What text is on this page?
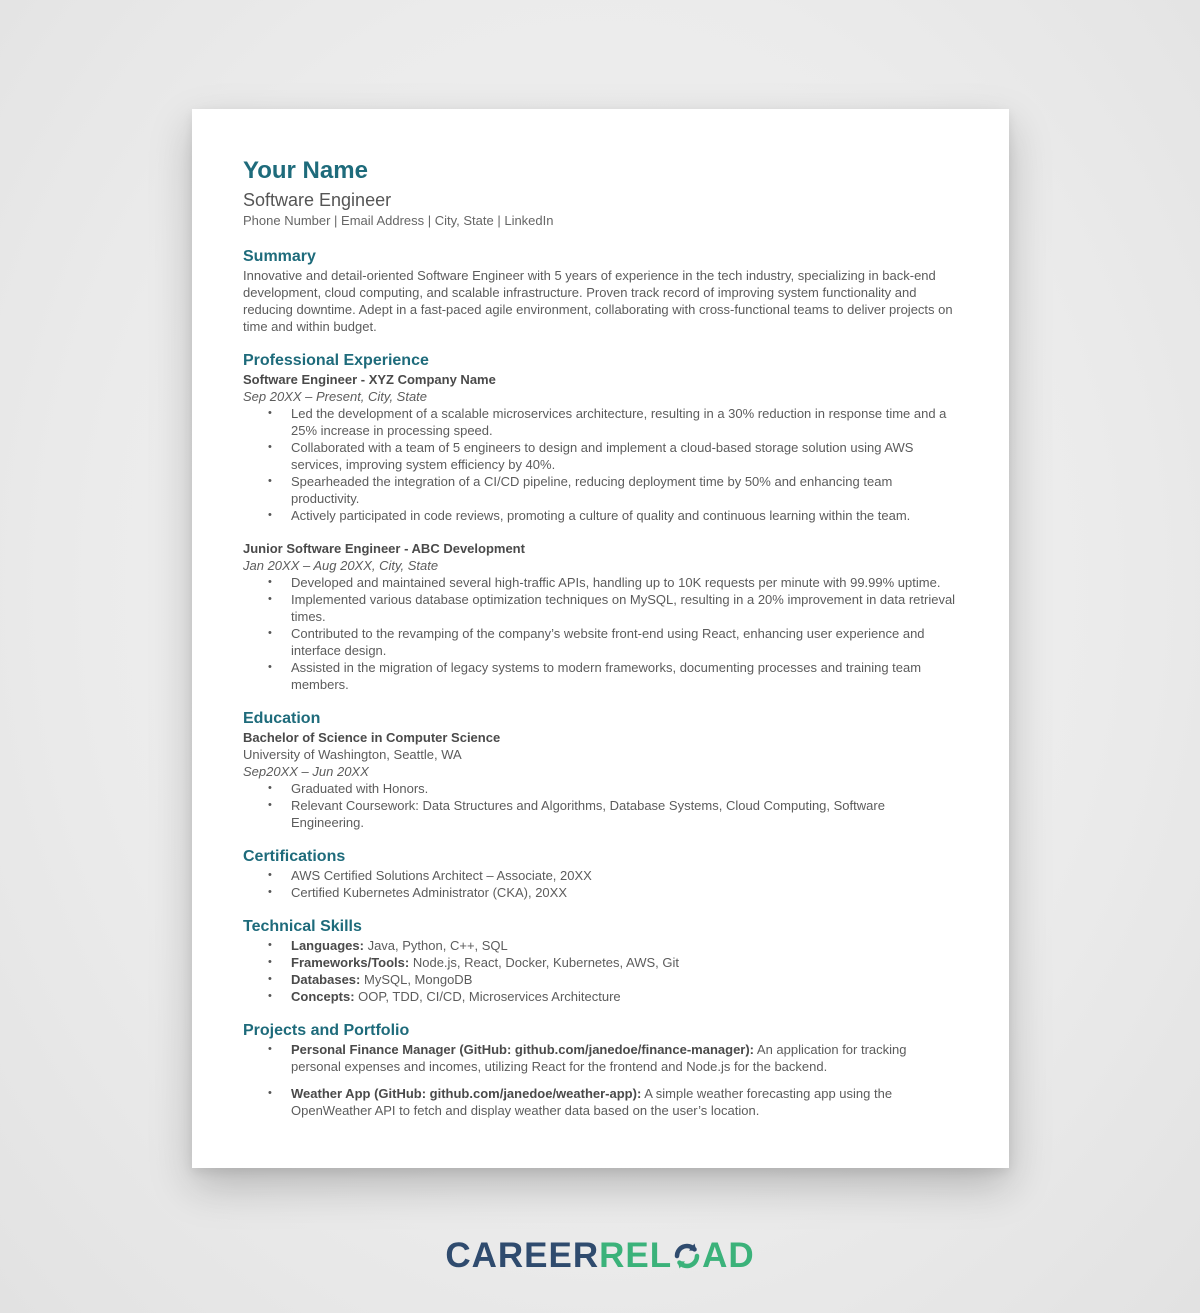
Your Name
Software Engineer
Phone Number | Email Address | City, State | LinkedIn
Summary
Innovative and detail-oriented Software Engineer with 5 years of experience in the tech industry, specializing in back-end development, cloud computing, and scalable infrastructure. Proven track record of improving system functionality and reducing downtime. Adept in a fast-paced agile environment, collaborating with cross-functional teams to deliver projects on time and within budget.
Professional Experience
Software Engineer - XYZ Company Name
Sep 20XX – Present, City, State
• Led the development of a scalable microservices architecture, resulting in a 30% reduction in response time and a 25% increase in processing speed.
• Collaborated with a team of 5 engineers to design and implement a cloud-based storage solution using AWS services, improving system efficiency by 40%.
• Spearheaded the integration of a CI/CD pipeline, reducing deployment time by 50% and enhancing team productivity.
• Actively participated in code reviews, promoting a culture of quality and continuous learning within the team.
Junior Software Engineer - ABC Development
Jan 20XX – Aug 20XX, City, State
• Developed and maintained several high-traffic APIs, handling up to 10K requests per minute with 99.99% uptime.
• Implemented various database optimization techniques on MySQL, resulting in a 20% improvement in data retrieval times.
• Contributed to the revamping of the company’s website front-end using React, enhancing user experience and interface design.
• Assisted in the migration of legacy systems to modern frameworks, documenting processes and training team members.
Education
Bachelor of Science in Computer Science
University of Washington, Seattle, WA
Sep20XX – Jun 20XX
• Graduated with Honors.
• Relevant Coursework: Data Structures and Algorithms, Database Systems, Cloud Computing, Software Engineering.
Certifications
• AWS Certified Solutions Architect – Associate, 20XX
• Certified Kubernetes Administrator (CKA), 20XX
Technical Skills
• Languages: Java, Python, C++, SQL
• Frameworks/Tools: Node.js, React, Docker, Kubernetes, AWS, Git
• Databases: MySQL, MongoDB
• Concepts: OOP, TDD, CI/CD, Microservices Architecture
Projects and Portfolio
• Personal Finance Manager (GitHub: github.com/janedoe/finance-manager): An application for tracking personal expenses and incomes, utilizing React for the frontend and Node.js for the backend.
• Weather App (GitHub: github.com/janedoe/weather-app): A simple weather forecasting app using the OpenWeather API to fetch and display weather data based on the user’s location.
CAREERREL AD
